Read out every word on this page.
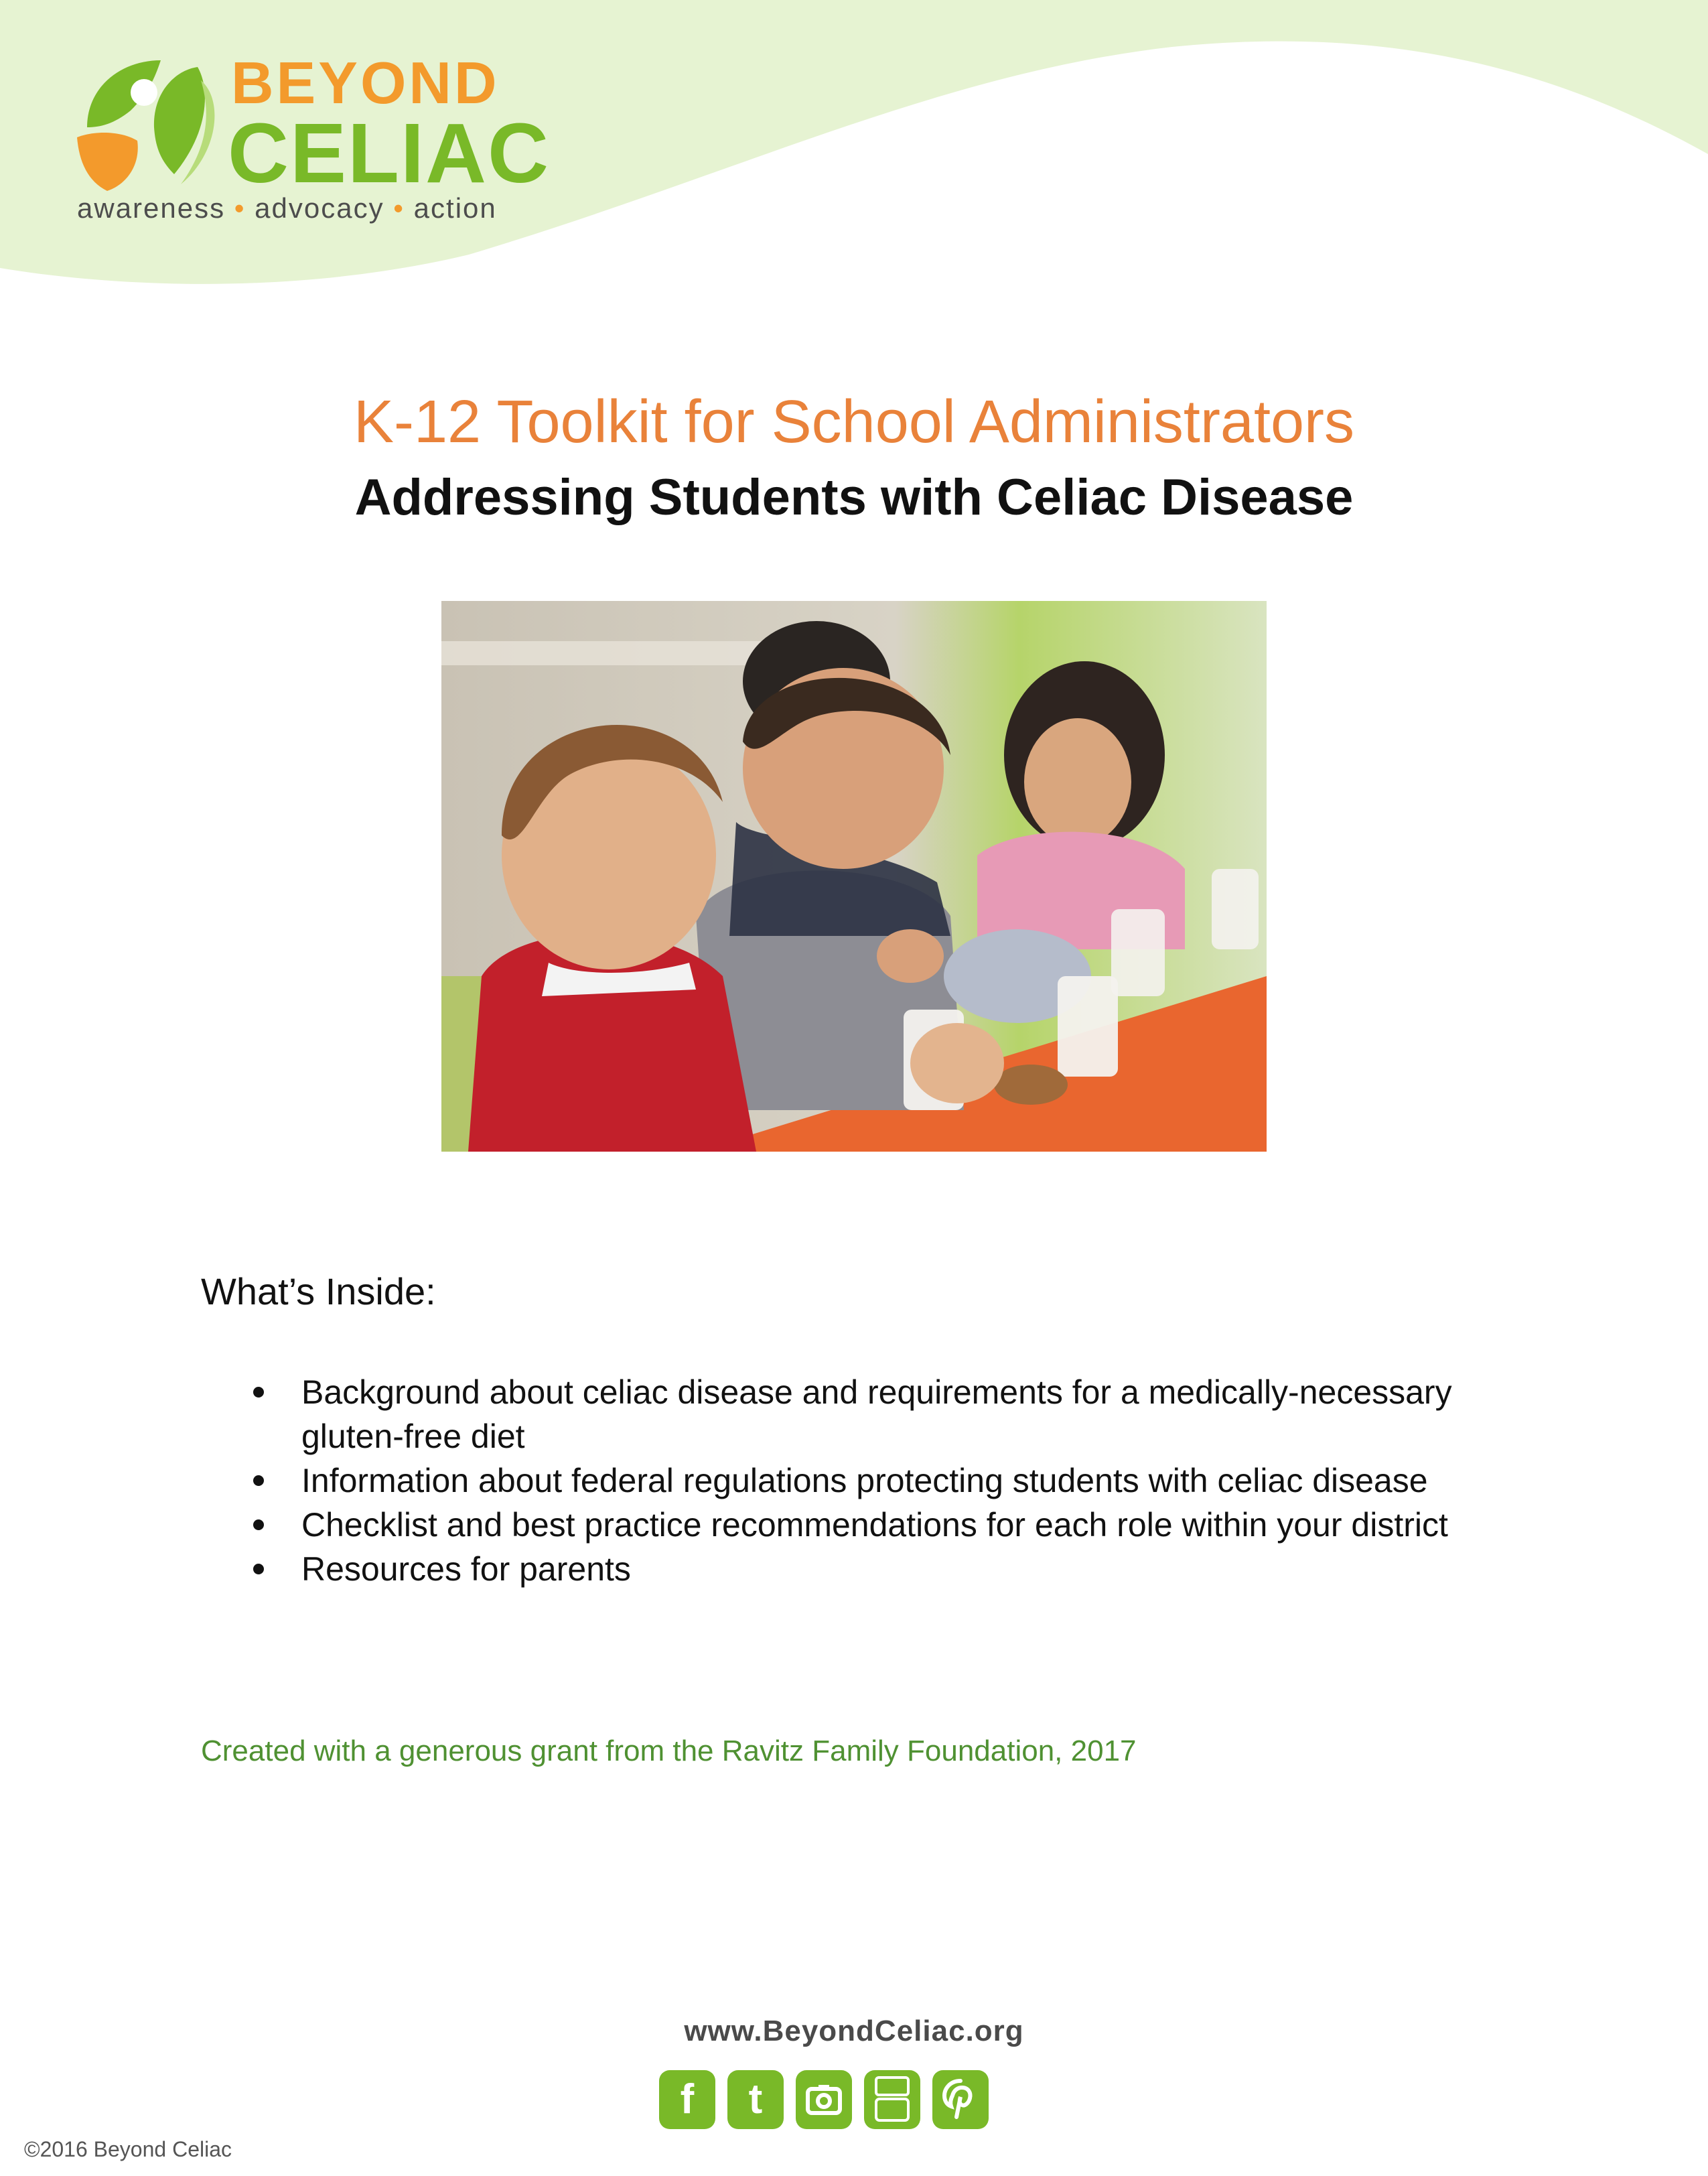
BEYOND
CELIAC
awareness • advocacy • action
K-12 Toolkit for School Administrators
Addressing Students with Celiac Disease
What’s Inside:
Background about celiac disease and requirements for a medically-necessary gluten-free diet
Information about federal regulations protecting students with celiac disease
Checklist and best practice recommendations for each role within your district
Resources for parents
Created with a generous grant from the Ravitz Family Foundation, 2017
www.BeyondCeliac.org
f	t
©2016 Beyond Celiac
